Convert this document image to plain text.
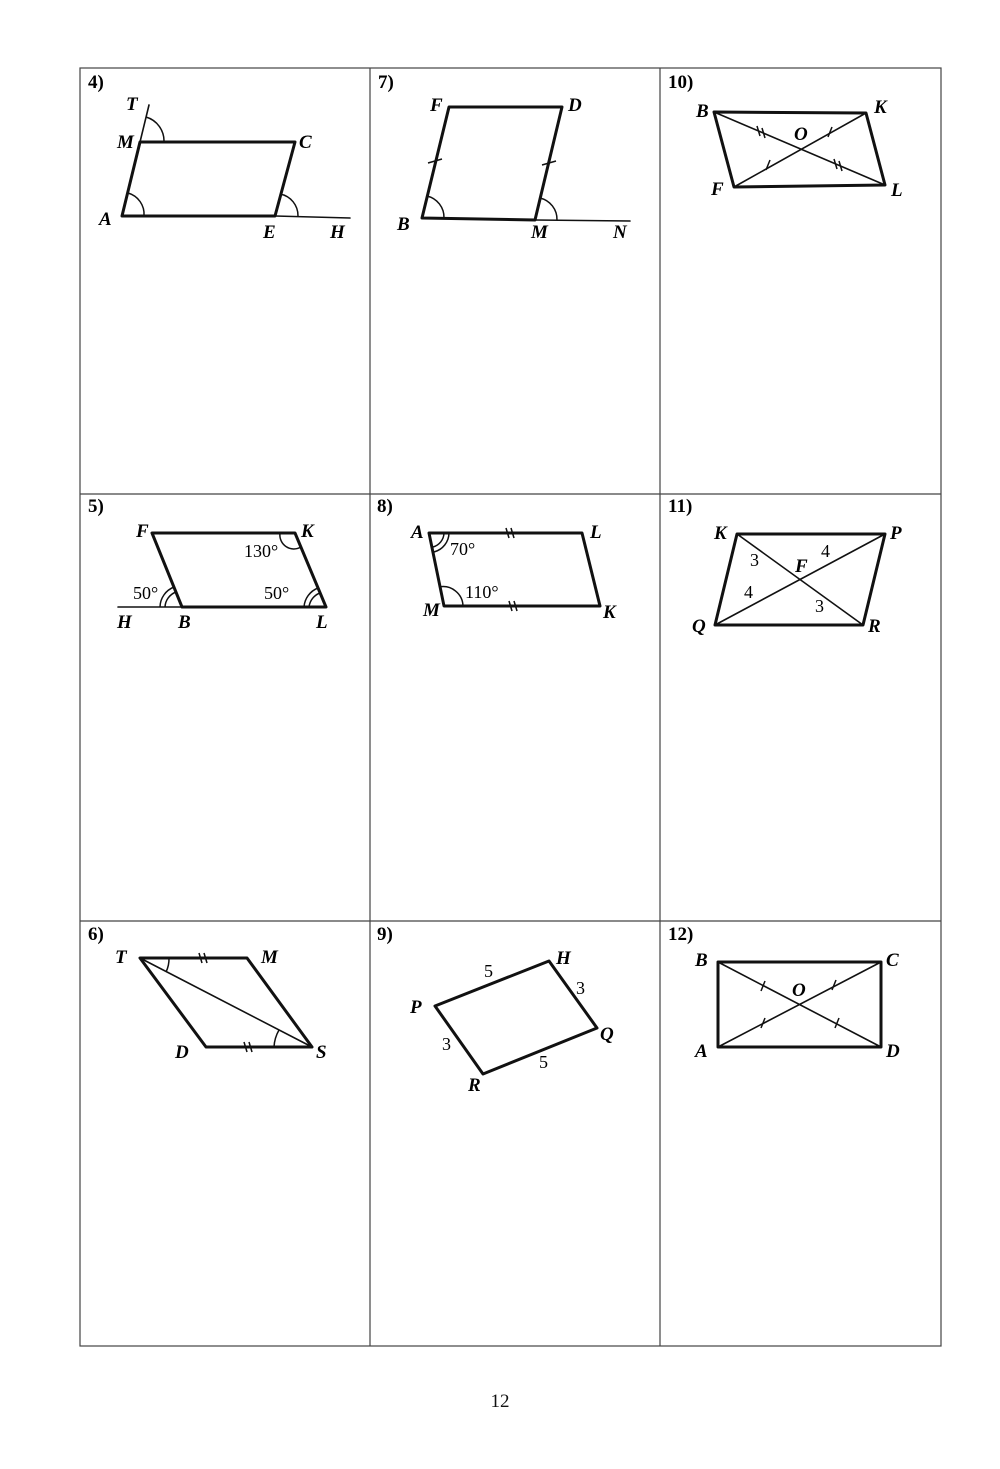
4)
T
M	C
A
E	H
7)
F	D
B	M	N
10)
B	K
O
F	L
5)
F	K
H B	L
130°
50°	50°
8)
A	L
M	K
70°
110°
11)
K	P
F
Q	R
3	4
4
3
6)
T	M
D	S
9)
P
H
Q
R
5
3
3
5
12)
B	C
O
A	D
12
